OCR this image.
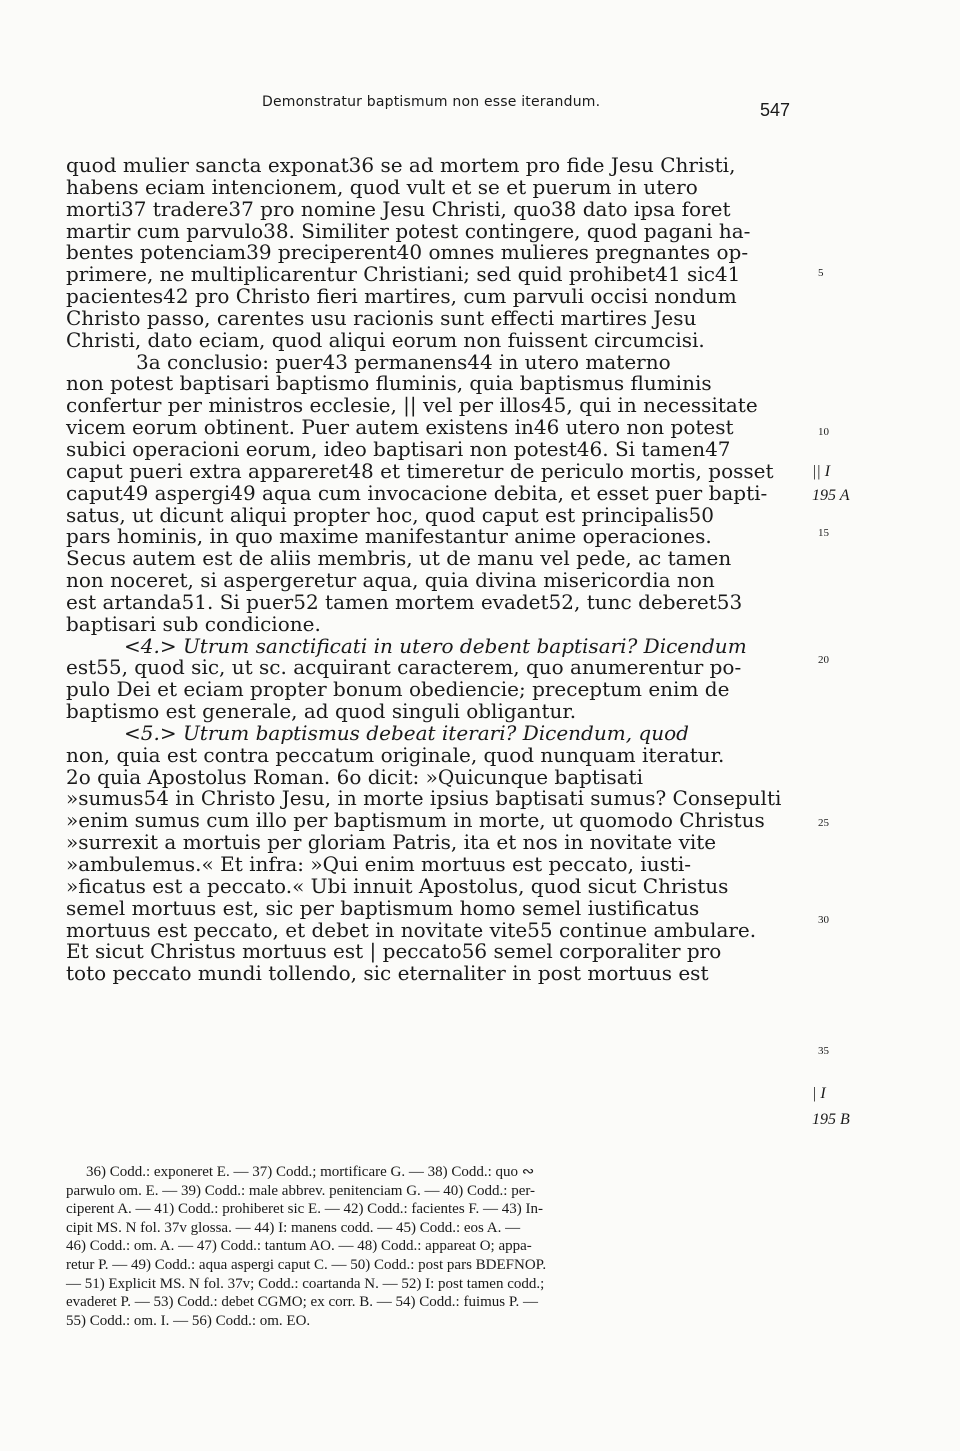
Demonstratur baptismum non esse iterandum.	547
quod mulier sancta exponat36 se ad mortem pro fide Jesu Christi,
habens eciam intencionem, quod vult et se et puerum in utero
morti37 tradere37 pro nomine Jesu Christi, quo38 dato ipsa foret
martir cum parvulo38. Similiter potest contingere, quod pagani ha-
bentes potenciam39 preciperent40 omnes mulieres pregnantes op-
primere, ne multiplicarentur Christiani; sed quid prohibet41 sic41
pacientes42 pro Christo fieri martires, cum parvuli occisi nondum
Christo passo, carentes usu racionis sunt effecti martires Jesu
Christi, dato eciam, quod aliqui eorum non fuissent circumcisi.
3a conclusio: puer43 permanens44 in utero materno
non potest baptisari baptismo fluminis, quia baptismus fluminis
confertur per ministros ecclesie, || vel per illos45, qui in necessitate
vicem eorum obtinent. Puer autem existens in46 utero non potest
subici operacioni eorum, ideo baptisari non potest46. Si tamen47
caput pueri extra appareret48 et timeretur de periculo mortis, posset
caput49 aspergi49 aqua cum invocacione debita, et esset puer bapti-
satus, ut dicunt aliqui propter hoc, quod caput est principalis50
pars hominis, in quo maxime manifestantur anime operaciones.
Secus autem est de aliis membris, ut de manu vel pede, ac tamen
non noceret, si aspergeretur aqua, quia divina misericordia non
est artanda51. Si puer52 tamen mortem evadet52, tunc deberet53
baptisari sub condicione.
<4.> Utrum sanctificati in utero debent baptisari? Dicendum
est55, quod sic, ut sc. acquirant caracterem, quo anumerentur po-
pulo Dei et eciam propter bonum obediencie; preceptum enim de
baptismo est generale, ad quod singuli obligantur.
<5.> Utrum baptismus debeat iterari? Dicendum, quod
non, quia est contra peccatum originale, quod nunquam iteratur.
2o quia Apostolus Roman. 6o dicit: »Quicunque baptisati
»sumus54 in Christo Jesu, in morte ipsius baptisati sumus? Consepulti
»enim sumus cum illo per baptismum in morte, ut quomodo Christus
»surrexit a mortuis per gloriam Patris, ita et nos in novitate vite
»ambulemus.« Et infra: »Qui enim mortuus est peccato, iusti-
»ficatus est a peccato.« Ubi innuit Apostolus, quod sicut Christus
semel mortuus est, sic per baptismum homo semel iustificatus
mortuus est peccato, et debet in novitate vite55 continue ambulare.
Et sicut Christus mortuus est | peccato56 semel corporaliter pro
toto peccato mundi tollendo, sic eternaliter in post mortuus est
5
10
15
20
25
30
35
|| I
195 A
| I
195 B
36) Codd.: exponeret E. — 37) Codd.; mortificare G. — 38) Codd.: quo ∾
parwulo om. E. — 39) Codd.: male abbrev. penitenciam G. — 40) Codd.: per-
ciperent A. — 41) Codd.: prohiberet sic E. — 42) Codd.: facientes F. — 43) In-
cipit MS. N fol. 37v glossa. — 44) I: manens codd. — 45) Codd.: eos A. —
46) Codd.: om. A. — 47) Codd.: tantum AO. — 48) Codd.: appareat O; appa-
retur P. — 49) Codd.: aqua aspergi caput C. — 50) Codd.: post pars BDEFNOP.
— 51) Explicit MS. N fol. 37v; Codd.: coartanda N. — 52) I: post tamen codd.;
evaderet P. — 53) Codd.: debet CGMO; ex corr. B. — 54) Codd.: fuimus P. —
55) Codd.: om. I. — 56) Codd.: om. EO.
